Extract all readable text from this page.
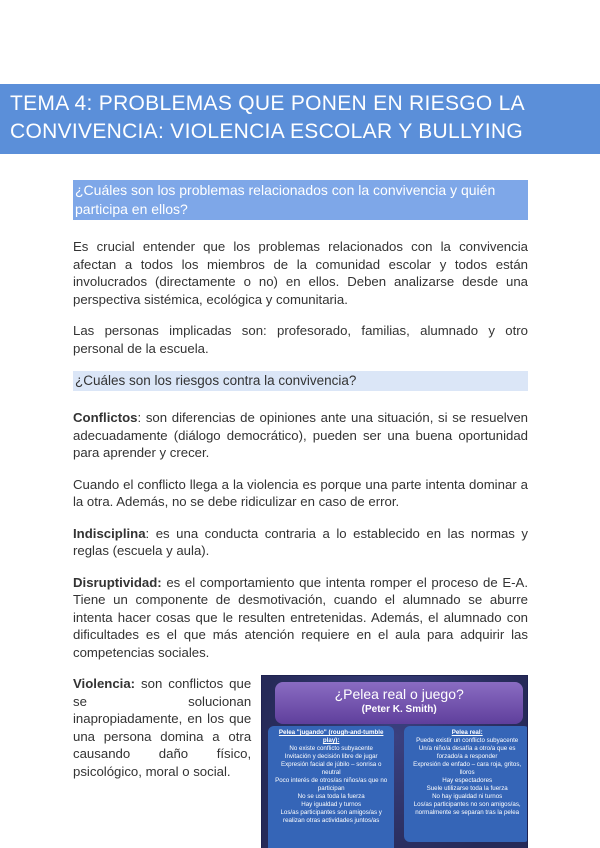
TEMA 4: PROBLEMAS QUE PONEN EN RIESGO LA
CONVIVENCIA: VIOLENCIA ESCOLAR Y BULLYING
¿Cuáles son los problemas relacionados con la convivencia y quién participa en ellos?

Es crucial entender que los problemas relacionados con la convivencia afectan a todos los miembros de la comunidad escolar y todos están involucrados (directamente o no) en ellos. Deben analizarse desde una perspectiva sistémica, ecológica y comunitaria.

Las personas implicadas son: profesorado, familias, alumnado y otro personal de la escuela.

¿Cuáles son los riesgos contra la convivencia?

Conflictos: son diferencias de opiniones ante una situación, si se resuelven adecuadamente (diálogo democrático), pueden ser una buena oportunidad para aprender y crecer.

Cuando el conflicto llega a la violencia es porque una parte intenta dominar a la otra. Además, no se debe ridiculizar en caso de error.

Indisciplina: es una conducta contraria a lo establecido en las normas y reglas (escuela y aula).

Disruptividad: es el comportamiento que intenta romper el proceso de E-A. Tiene un componente de desmotivación, cuando el alumnado se aburre intenta hacer cosas que le resulten entretenidas. Además, el alumnado con dificultades es el que más atención requiere en el aula para adquirir las competencias sociales.

Violencia: son conflictos que se solucionan inapropiadamente, en los que una persona domina a otra causando daño físico, psicológico, moral o social.

¿Pelea real o juego?
(Peter K. Smith)
Pelea "jugando" (rough-and-tumble play):
No existe conflicto subyacente
Invitación y decisión libre de jugar
Expresión facial de júbilo – sonrisa o neutral
Poco interés de otros/as niños/as que no participan
No se usa toda la fuerza
Hay igualdad y turnos
Los/as participantes son amigos/as y realizan otras actividades juntos/as
Pelea real:
Puede existir un conflicto subyacente
Un/a niño/a desafía a otro/a que es forzado/a a responder
Expresión de enfado – cara roja, gritos, lloros
Hay espectadores
Suele utilizarse toda la fuerza
No hay igualdad ni turnos
Los/as participantes no son amigos/as, normalmente se separan tras la pelea
